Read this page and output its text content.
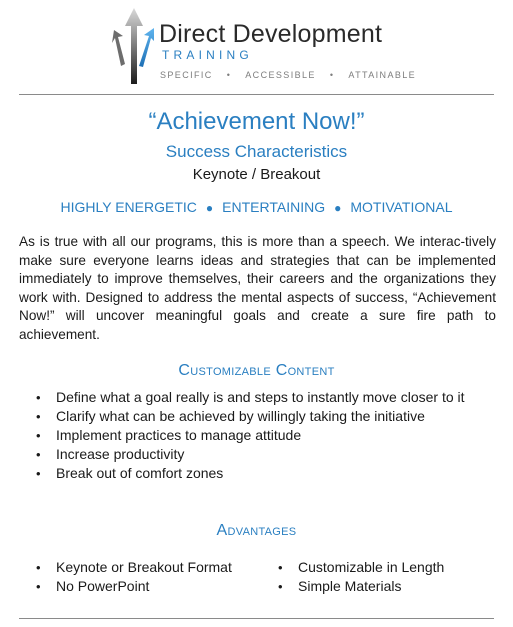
Direct Development
TRAINING
SPECIFIC • ACCESSIBLE • ATTAINABLE
“Achievement Now!”
Success Characteristics
Keynote / Breakout
HIGHLY ENERGETIC ● ENTERTAINING ● MOTIVATIONAL
As is true with all our programs, this is more than a speech. We interac-tively make sure everyone learns ideas and strategies that can be implemented immediately to improve themselves, their careers and the organizations they work with. Designed to address the mental aspects of success, “Achievement Now!” will uncover meaningful goals and create a sure fire path to achievement.
Customizable Content
• Define what a goal really is and steps to instantly move closer to it
• Clarify what can be achieved by willingly taking the initiative
• Implement practices to manage attitude
• Increase productivity
• Break out of comfort zones
Advantages
• Keynote or Breakout Format
• No PowerPoint
• Customizable in Length
• Simple Materials
